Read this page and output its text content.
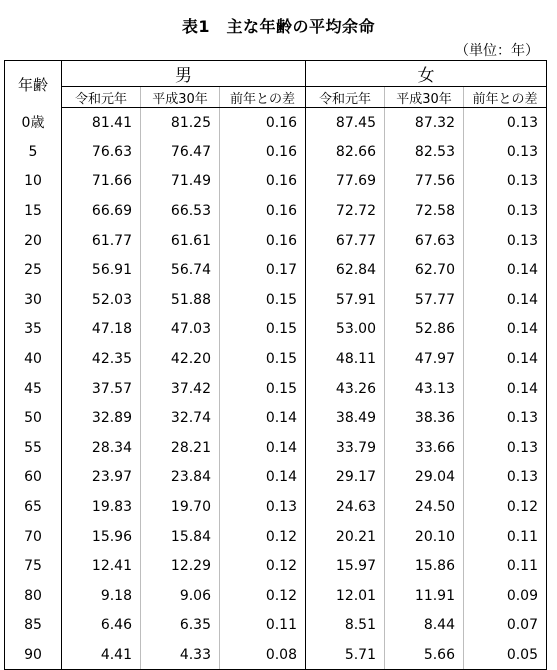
表1　主な年齢の平均余命
（単位：年）
年齢	男			女		
	令和元年	平成30年	前年との差	令和元年	平成30年	前年との差
0歳	81.41	81.25	0.16	87.45	87.32	0.13
5	76.63	76.47	0.16	82.66	82.53	0.13
10	71.66	71.49	0.16	77.69	77.56	0.13
15	66.69	66.53	0.16	72.72	72.58	0.13
20	61.77	61.61	0.16	67.77	67.63	0.13
25	56.91	56.74	0.17	62.84	62.70	0.14
30	52.03	51.88	0.15	57.91	57.77	0.14
35	47.18	47.03	0.15	53.00	52.86	0.14
40	42.35	42.20	0.15	48.11	47.97	0.14
45	37.57	37.42	0.15	43.26	43.13	0.14
50	32.89	32.74	0.14	38.49	38.36	0.13
55	28.34	28.21	0.14	33.79	33.66	0.13
60	23.97	23.84	0.14	29.17	29.04	0.13
65	19.83	19.70	0.13	24.63	24.50	0.12
70	15.96	15.84	0.12	20.21	20.10	0.11
75	12.41	12.29	0.12	15.97	15.86	0.11
80	9.18	9.06	0.12	12.01	11.91	0.09
85	6.46	6.35	0.11	8.51	8.44	0.07
90	4.41	4.33	0.08	5.71	5.66	0.05
